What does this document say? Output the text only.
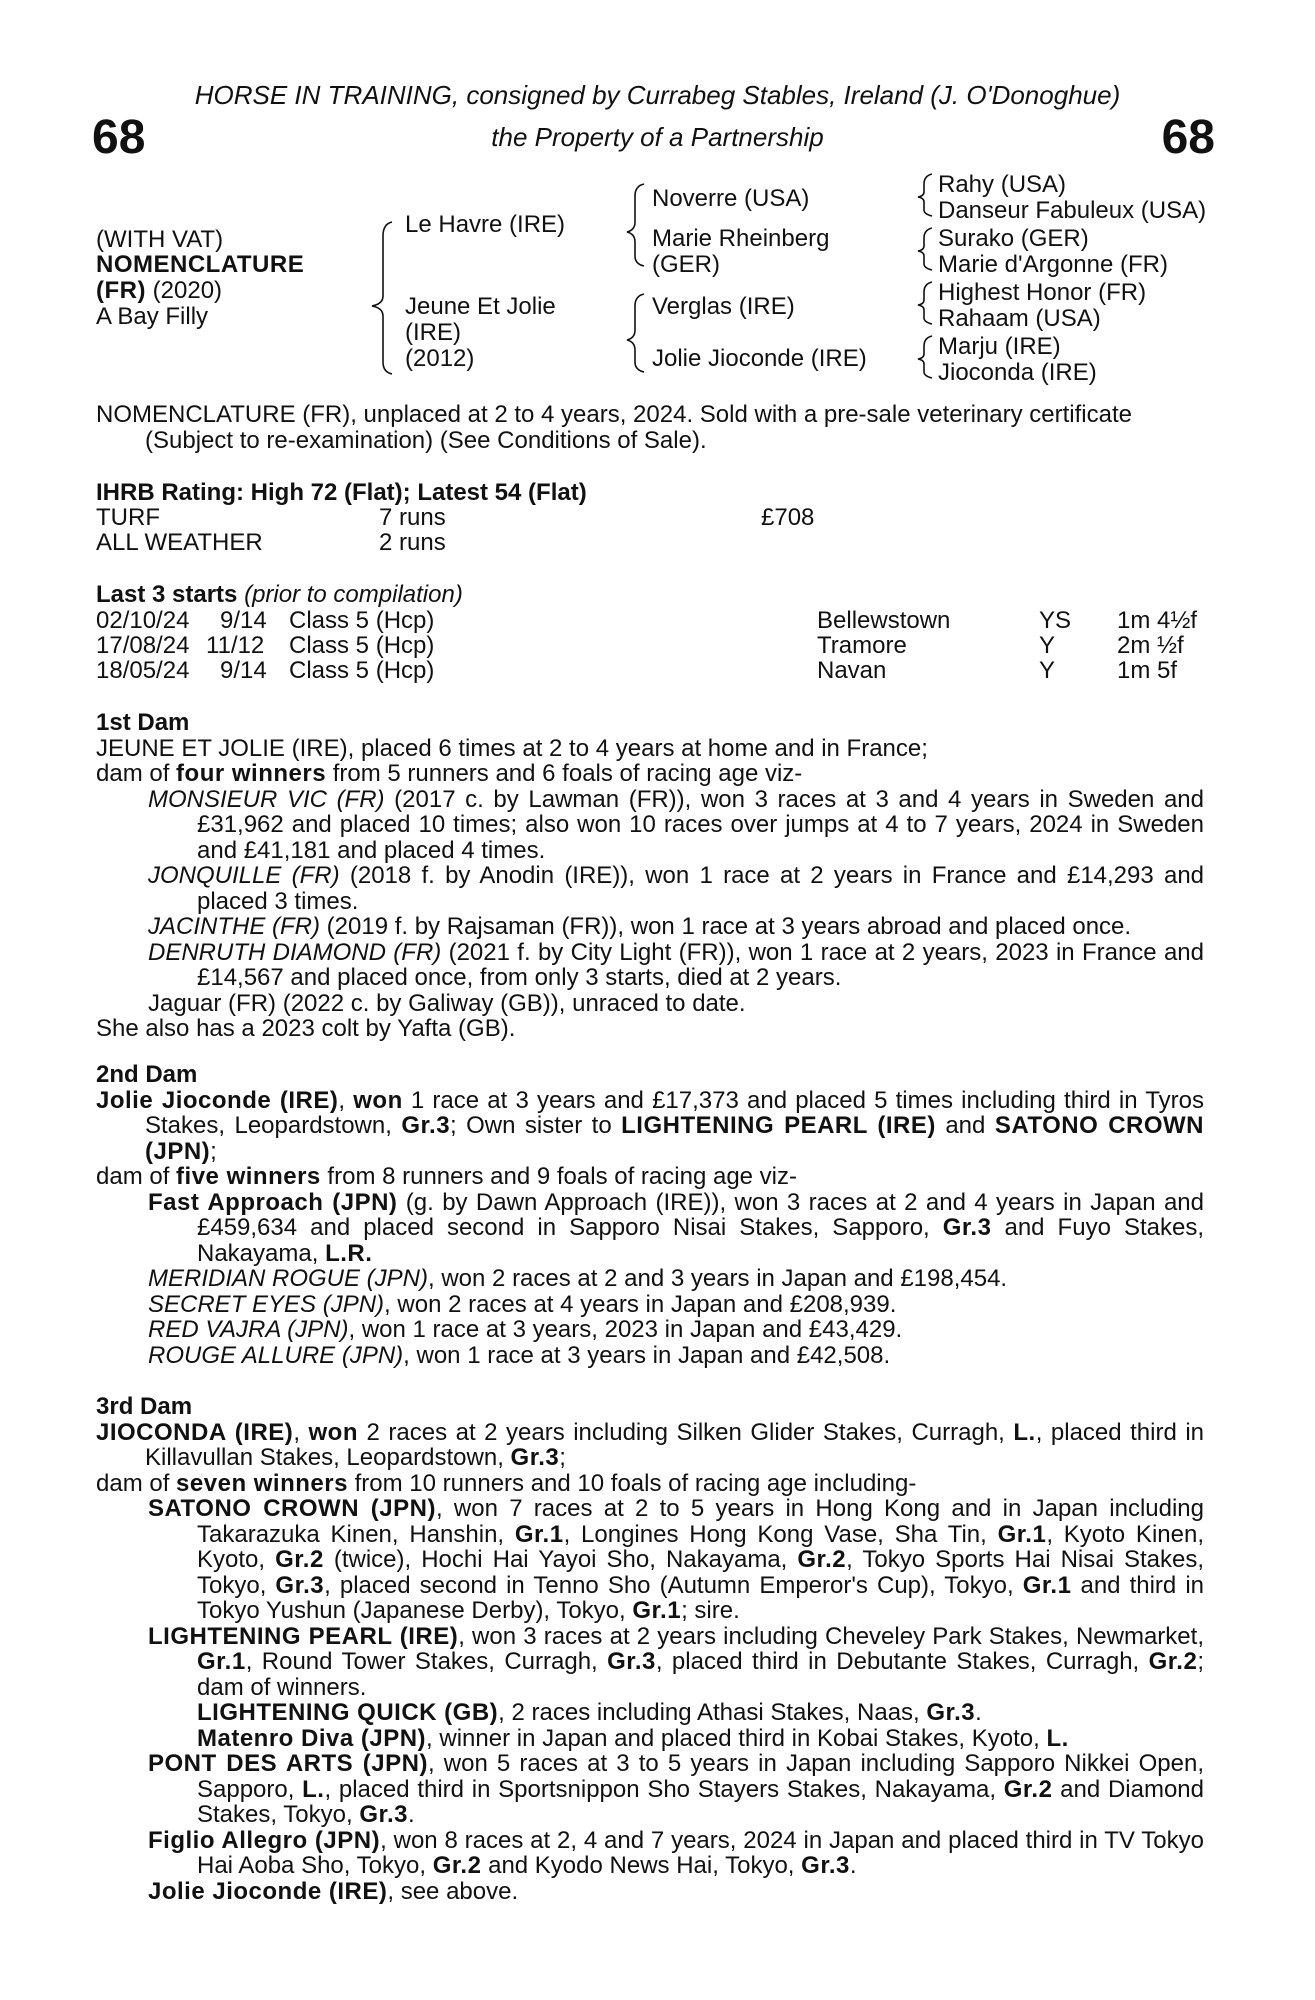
HORSE IN TRAINING, consigned by Currabeg Stables, Ireland (J. O'Donoghue)
the Property of a Partnership
68	68
(WITH VAT)
NOMENCLATURE
(FR) (2020)
A Bay Filly
Le Havre (IRE)
Jeune Et Jolie
(IRE)
(2012)
Noverre (USA)
Marie Rheinberg
(GER)
Verglas (IRE)
Jolie Jioconde (IRE)
Rahy (USA)
Danseur Fabuleux (USA)
Surako (GER)
Marie d'Argonne (FR)
Highest Honor (FR)
Rahaam (USA)
Marju (IRE)
Jioconda (IRE)
NOMENCLATURE (FR), unplaced at 2 to 4 years, 2024. Sold with a pre-sale veterinary certificate
(Subject to re-examination) (See Conditions of Sale).
IHRB Rating: High 72 (Flat); Latest 54 (Flat)
TURF	7 runs	£708
ALL WEATHER	2 runs
Last 3 starts (prior to compilation)
02/10/24 9/14 Class 5 (Hcp)	Bellewstown	YS 1m 4½f
17/08/24 11/12 Class 5 (Hcp)	Tramore	Y	2m ½f
18/05/24 9/14 Class 5 (Hcp)	Navan	Y	1m 5f
1st Dam
JEUNE ET JOLIE (IRE), placed 6 times at 2 to 4 years at home and in France;
dam of four winners from 5 runners and 6 foals of racing age viz-
MONSIEUR VIC (FR) (2017 c. by Lawman (FR)), won 3 races at 3 and 4 years in Sweden and £31,962 and placed 10 times; also won 10 races over jumps at 4 to 7 years, 2024 in Sweden and £41,181 and placed 4 times.
JONQUILLE (FR) (2018 f. by Anodin (IRE)), won 1 race at 2 years in France and £14,293 and placed 3 times.
JACINTHE (FR) (2019 f. by Rajsaman (FR)), won 1 race at 3 years abroad and placed once.
DENRUTH DIAMOND (FR) (2021 f. by City Light (FR)), won 1 race at 2 years, 2023 in France and £14,567 and placed once, from only 3 starts, died at 2 years.
Jaguar (FR) (2022 c. by Galiway (GB)), unraced to date.
She also has a 2023 colt by Yafta (GB).
2nd Dam
Jolie Jioconde (IRE), won 1 race at 3 years and £17,373 and placed 5 times including third in Tyros Stakes, Leopardstown, Gr.3; Own sister to LIGHTENING PEARL (IRE) and SATONO CROWN (JPN);
dam of five winners from 8 runners and 9 foals of racing age viz-
Fast Approach (JPN) (g. by Dawn Approach (IRE)), won 3 races at 2 and 4 years in Japan and £459,634 and placed second in Sapporo Nisai Stakes, Sapporo, Gr.3 and Fuyo Stakes, Nakayama, L.R.
MERIDIAN ROGUE (JPN), won 2 races at 2 and 3 years in Japan and £198,454.
SECRET EYES (JPN), won 2 races at 4 years in Japan and £208,939.
RED VAJRA (JPN), won 1 race at 3 years, 2023 in Japan and £43,429.
ROUGE ALLURE (JPN), won 1 race at 3 years in Japan and £42,508.
3rd Dam
JIOCONDA (IRE), won 2 races at 2 years including Silken Glider Stakes, Curragh, L., placed third in Killavullan Stakes, Leopardstown, Gr.3;
dam of seven winners from 10 runners and 10 foals of racing age including-
SATONO CROWN (JPN), won 7 races at 2 to 5 years in Hong Kong and in Japan including Takarazuka Kinen, Hanshin, Gr.1, Longines Hong Kong Vase, Sha Tin, Gr.1, Kyoto Kinen, Kyoto, Gr.2 (twice), Hochi Hai Yayoi Sho, Nakayama, Gr.2, Tokyo Sports Hai Nisai Stakes, Tokyo, Gr.3, placed second in Tenno Sho (Autumn Emperor's Cup), Tokyo, Gr.1 and third in Tokyo Yushun (Japanese Derby), Tokyo, Gr.1; sire.
LIGHTENING PEARL (IRE), won 3 races at 2 years including Cheveley Park Stakes, Newmarket, Gr.1, Round Tower Stakes, Curragh, Gr.3, placed third in Debutante Stakes, Curragh, Gr.2; dam of winners.
LIGHTENING QUICK (GB), 2 races including Athasi Stakes, Naas, Gr.3.
Matenro Diva (JPN), winner in Japan and placed third in Kobai Stakes, Kyoto, L.
PONT DES ARTS (JPN), won 5 races at 3 to 5 years in Japan including Sapporo Nikkei Open, Sapporo, L., placed third in Sportsnippon Sho Stayers Stakes, Nakayama, Gr.2 and Diamond Stakes, Tokyo, Gr.3.
Figlio Allegro (JPN), won 8 races at 2, 4 and 7 years, 2024 in Japan and placed third in TV Tokyo Hai Aoba Sho, Tokyo, Gr.2 and Kyodo News Hai, Tokyo, Gr.3.
Jolie Jioconde (IRE), see above.
